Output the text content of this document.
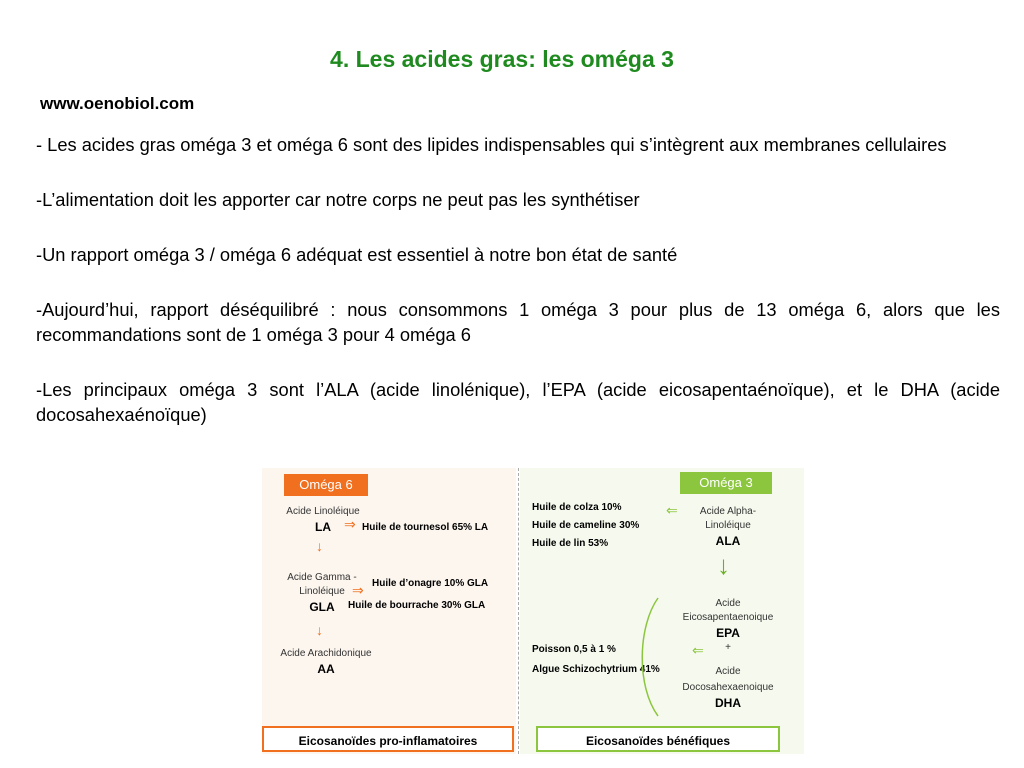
4. Les acides gras: les oméga 3
www.oenobiol.com

- Les acides gras oméga 3 et oméga 6 sont des lipides indispensables qui s’intègrent aux membranes cellulaires

-L’alimentation doit les apporter car notre corps ne peut pas les synthétiser

-Un rapport oméga 3 / oméga 6 adéquat est essentiel à notre bon état de santé

-Aujourd’hui, rapport déséquilibré : nous consommons 1 oméga 3 pour plus de 13 oméga 6, alors que les recommandations sont de 1 oméga 3 pour 4 oméga 6

-Les principaux oméga 3 sont l’ALA (acide linolénique), l’EPA (acide eicosapentaénoïque), et le DHA (acide docosahexaénoïque)

Oméga 6	Oméga 3
Acide Linoléique
LA ⇒ Huile de tournesol 65% LA
↓
Acide Gamma -
Linoléique
GLA
Huile d’onagre 10% GLA
⇒
Huile de bourrache 30% GLA
↓
Acide Arachidonique
AA
Eicosanoïdes pro-inflamatoires
Huile de colza 10%
Huile de cameline 30%
Huile de lin 53%
⇐	Acide Alpha-
Linoléique
ALA
↓
Acide
Eicosapentaenoique
EPA
+
Acide
Docosahexaenoique
DHA
Poisson 0,5 à 1 %
Algue Schizochytrium 41%
⇐
Eicosanoïdes bénéfiques
